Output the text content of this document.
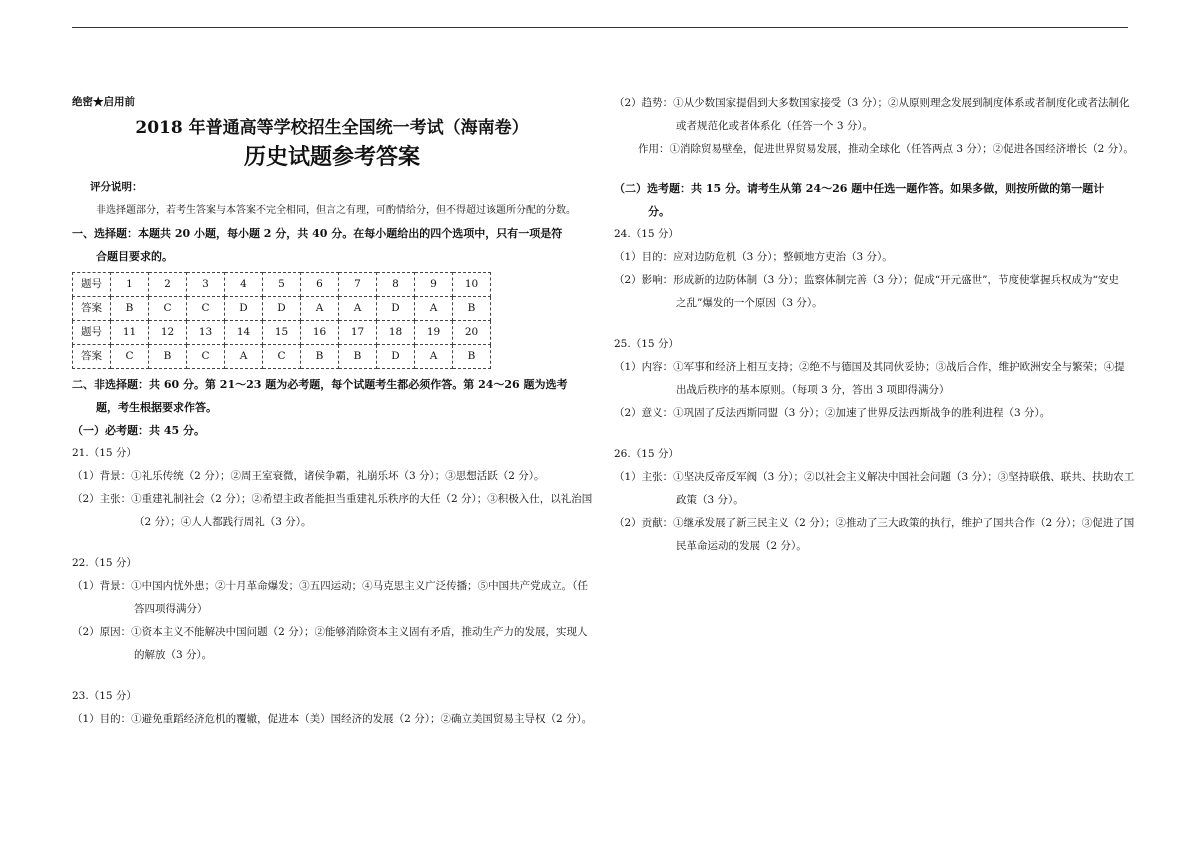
绝密★启用前

2018 年普通高等学校招生全国统一考试（海南卷）

历史试题参考答案

评分说明：

非选择题部分，若考生答案与本答案不完全相同，但言之有理，可酌情给分，但不得超过该题所分配的分数。

一、选择题：本题共 20 小题，每小题 2 分，共 40 分。在每小题给出的四个选项中，只有一项是符

合题目要求的。

题号	1	2	3	4	5	6	7	8	9	10
答案	B	C	C	D	D	A	A	D	A	B
题号	11	12	13	14	15	16	17	18	19	20
答案	C	B	C	A	C	B	B	D	A	B

二、非选择题：共 60 分。第 21～23 题为必考题，每个试题考生都必须作答。第 24～26 题为选考

题，考生根据要求作答。

（一）必考题：共 45 分。

21.（15 分）

（1）背景：①礼乐传统（2 分）；②周王室衰微，诸侯争霸，礼崩乐坏（3 分）；③思想活跃（2 分）。

（2）主张：①重建礼制社会（2 分）；②希望主政者能担当重建礼乐秩序的大任（2 分）；③积极入仕，以礼治国

（2 分）；④人人都践行周礼（3 分）。

22.（15 分）

（1）背景：①中国内忧外患；②十月革命爆发；③五四运动；④马克思主义广泛传播；⑤中国共产党成立。（任

答四项得满分）

（2）原因：①资本主义不能解决中国问题（2 分）；②能够消除资本主义固有矛盾，推动生产力的发展，实现人

的解放（3 分）。

23.（15 分）

（1）目的：①避免重蹈经济危机的覆辙，促进本（美）国经济的发展（2 分）；②确立美国贸易主导权（2 分）。

（2）趋势：①从少数国家提倡到大多数国家接受（3 分）；②从原则理念发展到制度体系或者制度化或者法制化

或者规范化或者体系化（任答一个 3 分）。

作用：①消除贸易壁垒，促进世界贸易发展，推动全球化（任答两点 3 分）；②促进各国经济增长（2 分）。

（二）选考题：共 15 分。请考生从第 24～26 题中任选一题作答。如果多做，则按所做的第一题计

分。

24.（15 分）

（1）目的：应对边防危机（3 分）；整顿地方吏治（3 分）。

（2）影响：形成新的边防体制（3 分）；监察体制完善（3 分）；促成“开元盛世”，节度使掌握兵权成为“安史

之乱”爆发的一个原因（3 分）。

25.（15 分）

（1）内容：①军事和经济上相互支持；②绝不与德国及其同伙妥协；③战后合作，维护欧洲安全与繁荣；④提

出战后秩序的基本原则。（每项 3 分，答出 3 项即得满分）

（2）意义：①巩固了反法西斯同盟（3 分）；②加速了世界反法西斯战争的胜利进程（3 分）。

26.（15 分）

（1）主张：①坚决反帝反军阀（3 分）；②以社会主义解决中国社会问题（3 分）；③坚持联俄、联共、扶助农工

政策（3 分）。

（2）贡献：①继承发展了新三民主义（2 分）；②推动了三大政策的执行，维护了国共合作（2 分）；③促进了国

民革命运动的发展（2 分）。
